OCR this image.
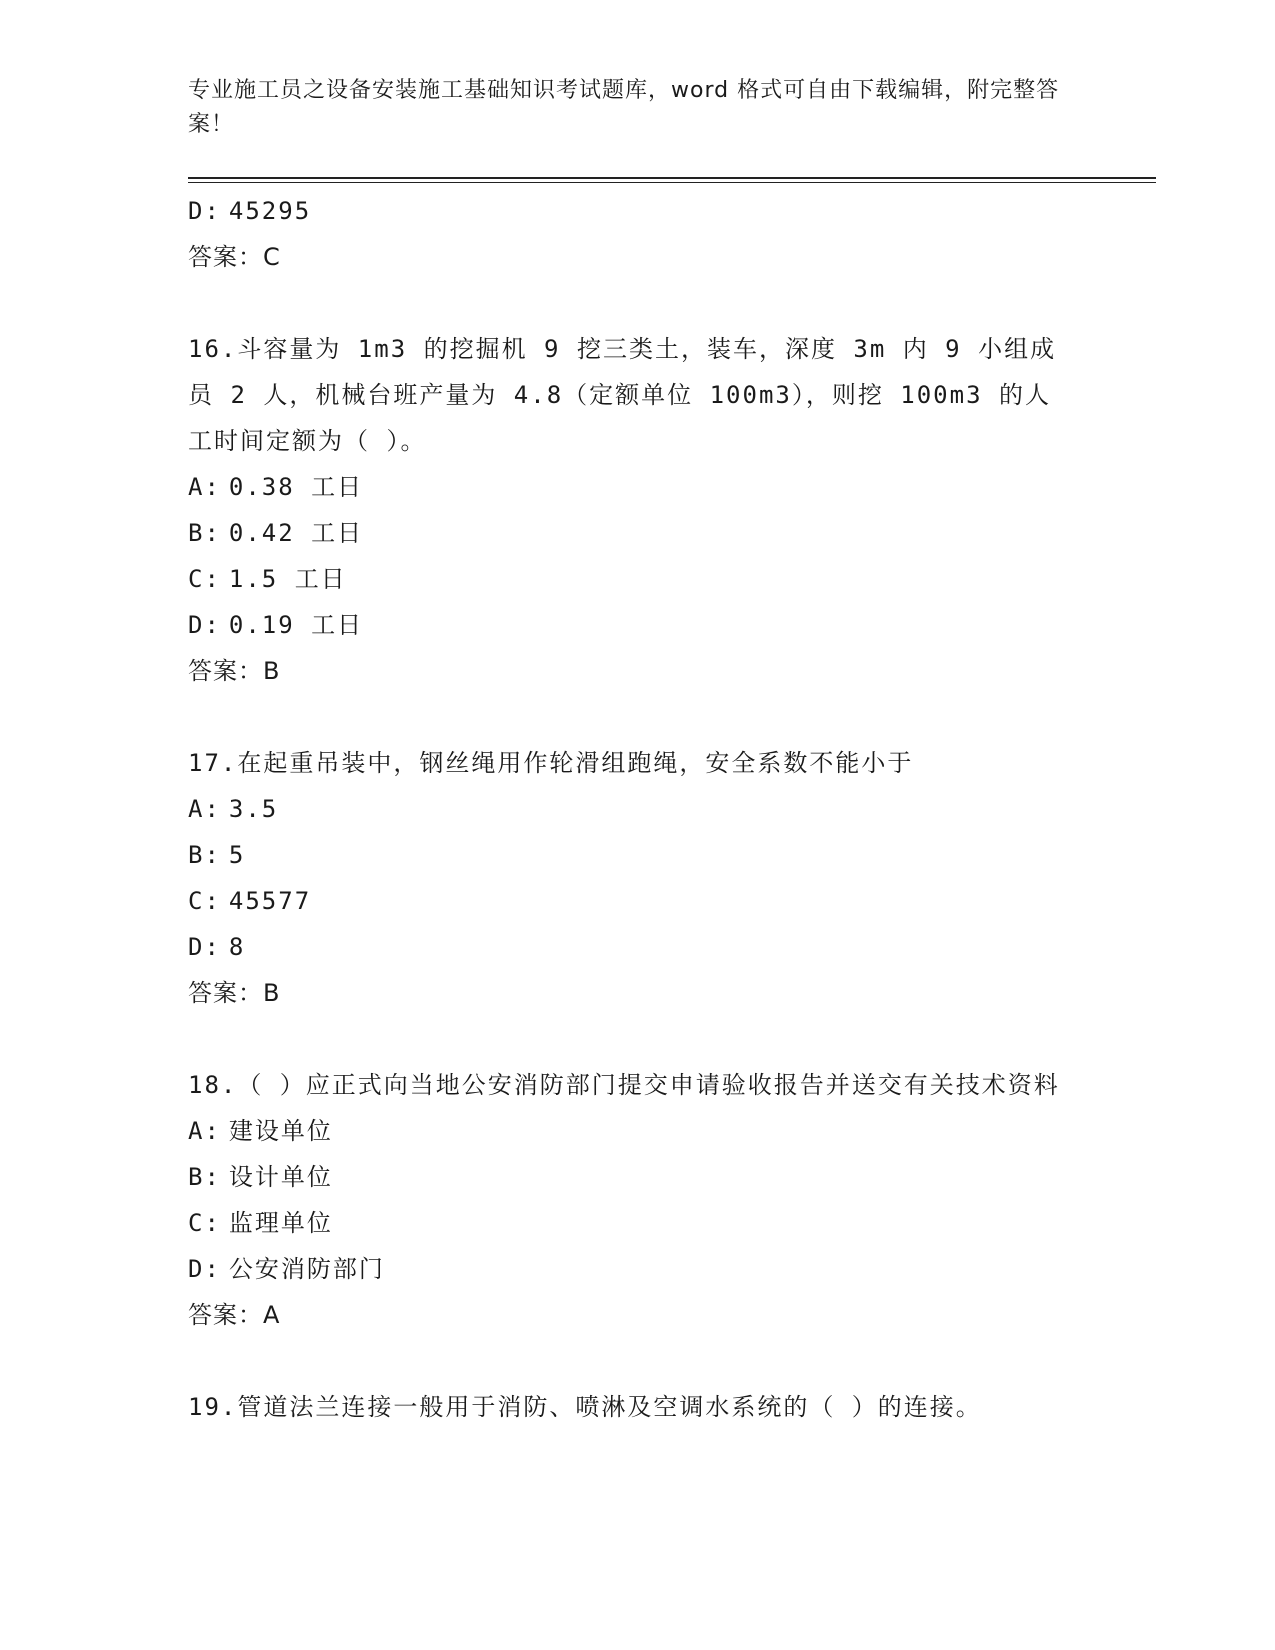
专业施工员之设备安装施工基础知识考试题库，word 格式可自由下载编辑，附完整答案！
D: 45295
答案：C
16.斗容量为 1m3 的挖掘机 9 挖三类土，装车，深度 3m 内 9 小组成员 2 人，机械台班产量为 4.8（定额单位 100m3），则挖 100m3 的人工时间定额为（ ）。
A: 0.38 工日
B: 0.42 工日
C: 1.5 工日
D: 0.19 工日
答案：B
17.在起重吊装中，钢丝绳用作轮滑组跑绳，安全系数不能小于
A: 3.5
B: 5
C: 45577
D: 8
答案：B
18.（ ）应正式向当地公安消防部门提交申请验收报告并送交有关技术资料
A: 建设单位
B: 设计单位
C: 监理单位
D: 公安消防部门
答案：A
19.管道法兰连接一般用于消防、喷淋及空调水系统的（ ）的连接。
